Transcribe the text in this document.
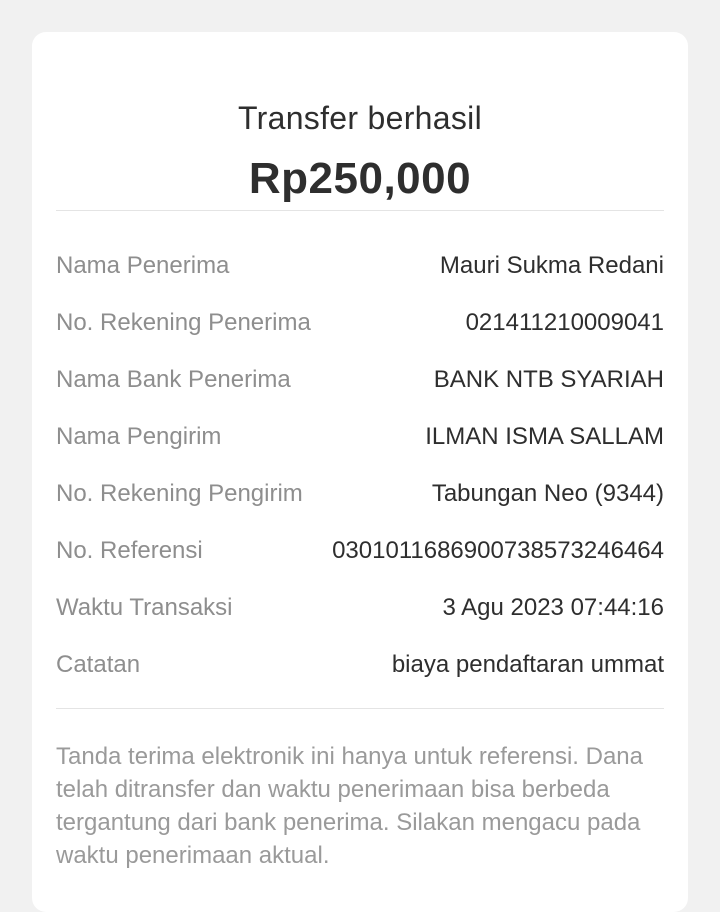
Transfer berhasil
Rp250,000
Nama Penerima	Mauri Sukma Redani
No. Rekening Penerima	021411210009041
Nama Bank Penerima	BANK NTB SYARIAH
Nama Pengirim	ILMAN ISMA SALLAM
No. Rekening Pengirim	Tabungan Neo (9344)
No. Referensi	0301011686900738573246464
Waktu Transaksi	3 Agu 2023 07:44:16
Catatan	biaya pendaftaran ummat
Tanda terima elektronik ini hanya untuk referensi. Dana telah ditransfer dan waktu penerimaan bisa berbeda tergantung dari bank penerima. Silakan mengacu pada waktu penerimaan aktual.
